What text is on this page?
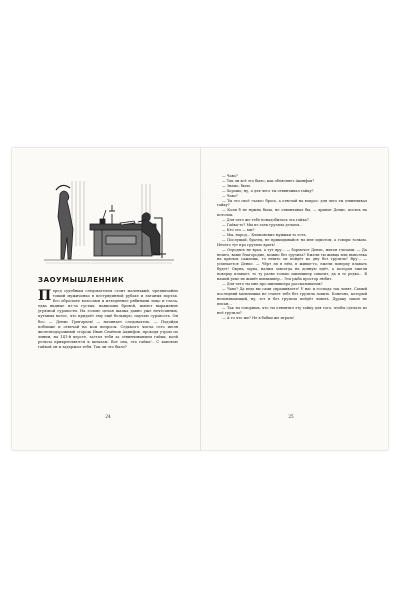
ЗАОУМЫШЛЕННИК

Перед судебным следователем стоит маленький, чрезвычайно тощий мужичонко в пестрядинной рубахе и латаных портах. Его обросшее волосами и изъеденное рябинами лицо и глаза, едва видные из-за густых, нависших бровей, имеют выражение угрюмой суровости. На голове целая шапка давно уже нечёсанных, путаных волос, что придаёт ему ещё большую, паучью суровость. Он бос. — Денис Григорьев! — начинает следователь. — Подойди поближе и отвечай на мои вопросы. Седьмого числа сего июля железнодорожный сторож Иван Семёнов Акинфов, проходя утром по линии, на 141-й версте, застал тебя за отвинчиванием гайки, коей рельсы прикрепляются к шпалам. Вот она, эта гайка!.. С каковою гайкой он и задержал тебя. Так ли это было?

24

— Чаво?

— Так ли всё это было, как объясняет Акинфов?

— Знамо, было.

— Хорошо; ну, а для чего ты отвинчивал гайку?

— Чаво?

— Ты это своё «чаво» брось, а отвечай на вопрос: для чего ты отвинчивал гайку?

— Коли б не нужна была, не отвинчивал бы, — хрипит Денис, косясь на потолок.

— Для чего же тебе понадобилась эта гайка?

— Гайка-то? Мы из гаек грузила делаем...

— Кто это — мы?

— Мы, народ... Климовские мужики то есть.

— Послушай, братец, не прикидывайся ты мне идиотом, а говори толком. Нечего тут про грузило врать!

— Отродясь не врал, а тут вру... — бормочет Денис, мигая глазами. — Да нешто, ваше благородие, можно без грузила? Ежели ты живца или выползка на крючок сажаешь, то нешто он пойдёт ко дну без грузила? Вру... — усмехается Денис. — Чёрт ли в нём, в живце-то, ежели поверху плавать будет! Окунь, щука, налим завсегда на донную идёт, а которая ежели поверху плавает, то ту разве только шилишпер схватит, да и то редко... В нашей реке не живёт шилишпер... Эта рыба простор любит.

— Для чего ты мне про шилишпера рассказываешь?

— Чаво? Да ведь вы сами спрашиваете! У нас и господа так ловят. Самый последний мальчишка не станет тебе без грузила ловить. Конечно, который непонимающий, ну, тот и без грузила пойдёт ловить. Дураку закон не писан...

— Так ты говоришь, что ты отвинтил эту гайку для того, чтобы сделать из неё грузило?

— А то что же? Не в бабки же играть!

25
